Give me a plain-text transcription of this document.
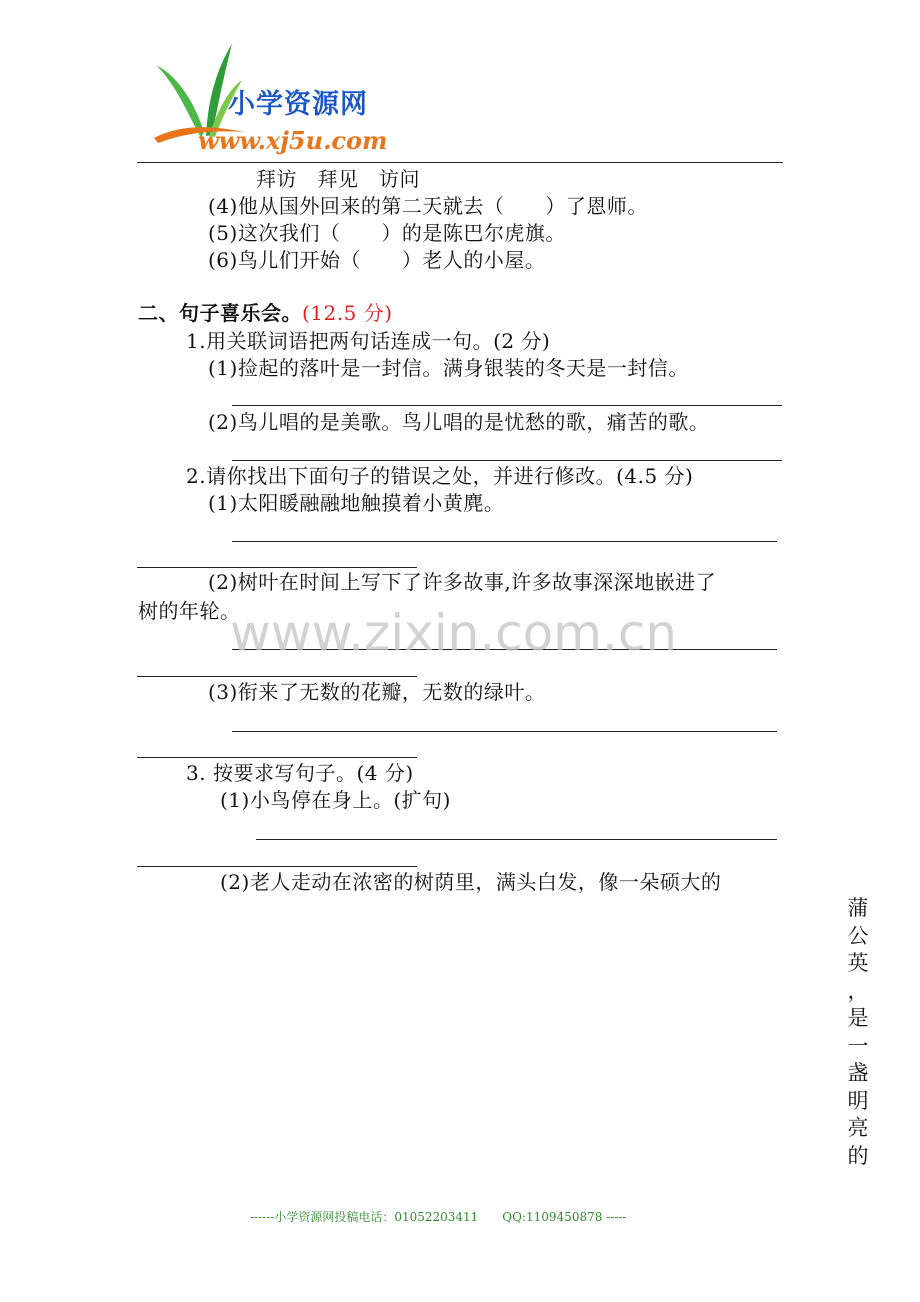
小学资源网
www.xj5u.com
拜访　拜见　访问
(4)他从国外回来的第二天就去（　　）了恩师。
(5)这次我们（　　）的是陈巴尔虎旗。
(6)鸟儿们开始（　　）老人的小屋。
二、句子喜乐会。(12.5 分)
1.用关联词语把两句话连成一句。(2 分)
(1)捡起的落叶是一封信。满身银装的冬天是一封信。
(2)鸟儿唱的是美歌。鸟儿唱的是忧愁的歌，痛苦的歌。
2.请你找出下面句子的错误之处，并进行修改。(4.5 分)
(1)太阳暖融融地触摸着小黄麂。
(2)树叶在时间上写下了许多故事,许多故事深深地嵌进了
树的年轮。
(3)衔来了无数的花瓣，无数的绿叶。
3. 按要求写句子。(4 分)
(1)小鸟停在身上。(扩句)
(2)老人走动在浓密的树荫里，满头白发，像一朵硕大的
www.zixin.com.cn
蒲
公
英
，
是
一
盏
明
亮
的
------小学资源网投稿电话：01052203411　　QQ:1109450878 -----
